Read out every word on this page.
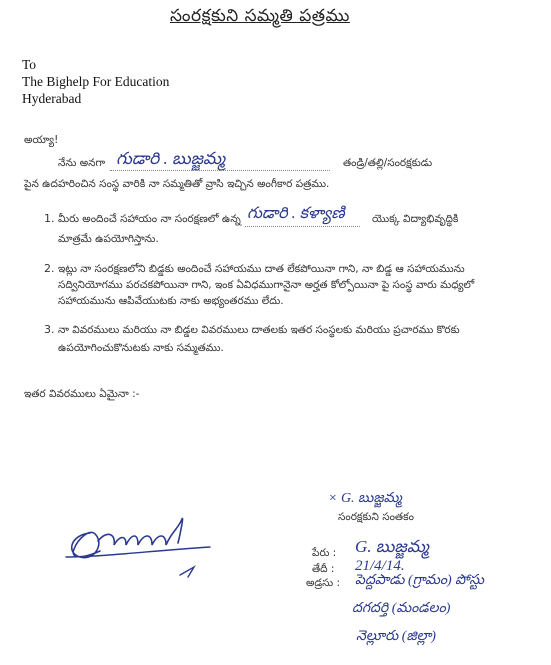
సంరక్షకుని సమ్మతి పత్రము
To
The Bighelp For Education
Hyderabad
అయ్యా!
నేను అనగా గుడారి . బుజ్జమ్మ	తండ్రి/తల్లి/సంరక్షకుడు
పైన ఉదహరించిన సంస్థ వారికి నా సమ్మతితో వ్రాసి ఇచ్చిన అంగీకార పత్రము.
1. మీరు అందించే సహాయం నా సంరక్షణలో ఉన్న గుడారి . కళ్యాణి	యొక్క విద్యాభివృద్ధికి
మాత్రమే ఉపయోగిస్తాను.
2. ఇట్లు నా సంరక్షణలోని బిడ్డకు అందించే సహాయము దాత లేకపోయినా గాని, నా బిడ్డ ఆ సహాయమును
సద్వినియోగము పరచకపోయినా గాని, ఇంక ఏవిధముగానైనా అర్హత కోల్పోయినా పై సంస్థ వారు మధ్యలో
సహాయమును ఆపివేయుటకు నాకు అభ్యంతరము లేదు.
3. నా వివరములు మరియు నా బిడ్డల వివరములు దాతలకు ఇతర సంస్థలకు మరియు ప్రచారము కొరకు
ఉపయోగించుకొనుటకు నాకు సమ్మతము.
ఇతర వివరములు ఏమైనా :-
× G. బుజ్జమ్మ
సంరక్షకుని సంతకం
పేరు : G. బుజ్జమ్మ
తేదీ : 21/4/14.
అడ్రసు : పెద్దపాడు (గ్రామం) పోస్టు
దగదర్తి (మండలం)
నెల్లూరు (జిల్లా)
